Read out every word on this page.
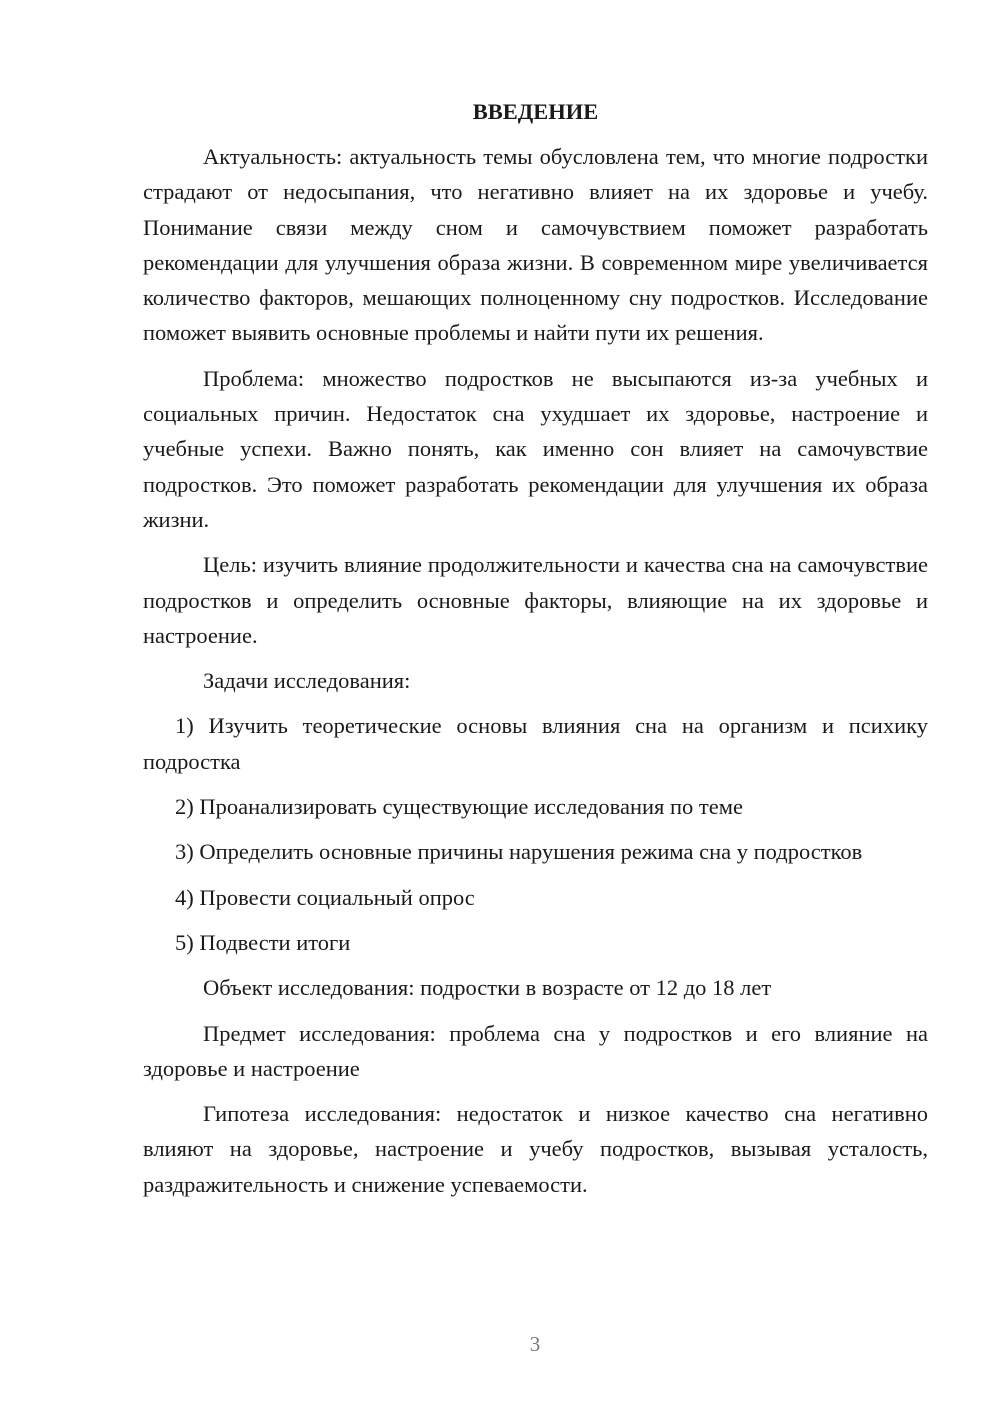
ВВЕДЕНИЕ

Актуальность: актуальность темы обусловлена тем, что многие подростки страдают от недосыпания, что негативно влияет на их здоровье и учебу. Понимание связи между сном и самочувствием поможет разработать рекомендации для улучшения образа жизни. В современном мире увеличивается количество факторов, мешающих полноценному сну подростков. Исследование поможет выявить основные проблемы и найти пути их решения.

Проблема: множество подростков не высыпаются из-за учебных и социальных причин. Недостаток сна ухудшает их здоровье, настроение и учебные успехи. Важно понять, как именно сон влияет на самочувствие подростков. Это поможет разработать рекомендации для улучшения их образа жизни.

Цель: изучить влияние продолжительности и качества сна на самочувствие подростков и определить основные факторы, влияющие на их здоровье и настроение.

Задачи исследования:

1) Изучить теоретические основы влияния сна на организм и психику подростка

2) Проанализировать существующие исследования по теме

3) Определить основные причины нарушения режима сна у подростков

4) Провести социальный опрос

5) Подвести итоги

Объект исследования: подростки в возрасте от 12 до 18 лет

Предмет исследования: проблема сна у подростков и его влияние на здоровье и настроение

Гипотеза исследования: недостаток и низкое качество сна негативно влияют на здоровье, настроение и учебу подростков, вызывая усталость, раздражительность и снижение успеваемости.

3
